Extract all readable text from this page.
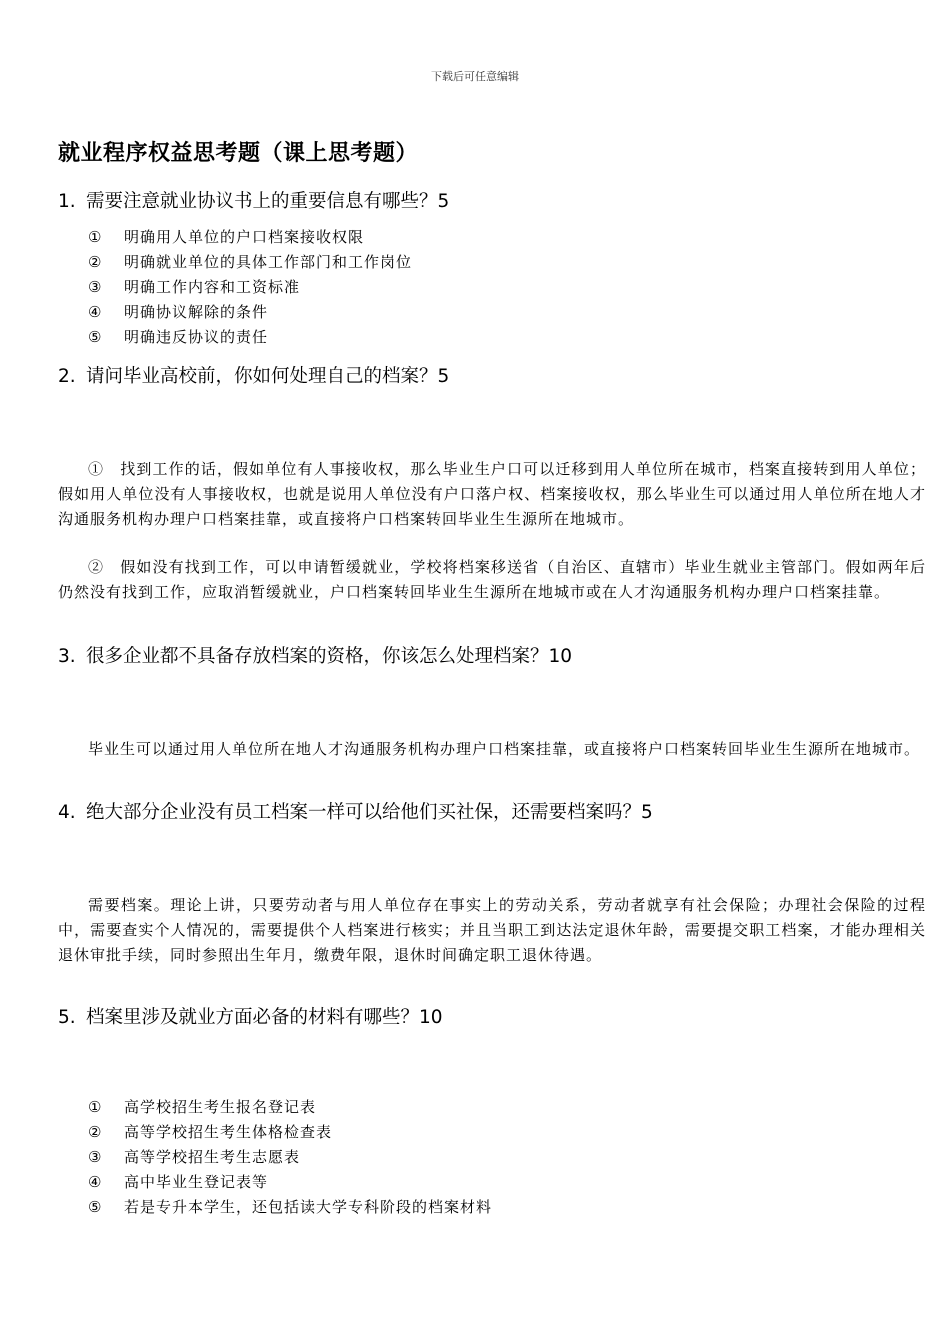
下载后可任意编辑
就业程序权益思考题（课上思考题）
1. 需要注意就业协议书上的重要信息有哪些？5
① 明确用人单位的户口档案接收权限
② 明确就业单位的具体工作部门和工作岗位
③ 明确工作内容和工资标准
④ 明确协议解除的条件
⑤ 明确违反协议的责任
2. 请问毕业高校前，你如何处理自己的档案？5

①　找到工作的话，假如单位有人事接收权，那么毕业生户口可以迁移到用人单位所在城市，档案直接转到用人单位；假如用人单位没有人事接收权，也就是说用人单位没有户口落户权、档案接收权，那么毕业生可以通过用人单位所在地人才沟通服务机构办理户口档案挂靠，或直接将户口档案转回毕业生生源所在地城市。

②　假如没有找到工作，可以申请暂缓就业，学校将档案移送省（自治区、直辖市）毕业生就业主管部门。假如两年后仍然没有找到工作，应取消暂缓就业，户口档案转回毕业生生源所在地城市或在人才沟通服务机构办理户口档案挂靠。

3. 很多企业都不具备存放档案的资格，你该怎么处理档案？10

毕业生可以通过用人单位所在地人才沟通服务机构办理户口档案挂靠，或直接将户口档案转回毕业生生源所在地城市。

4. 绝大部分企业没有员工档案一样可以给他们买社保，还需要档案吗？5

需要档案。理论上讲，只要劳动者与用人单位存在事实上的劳动关系，劳动者就享有社会保险；办理社会保险的过程中，需要查实个人情况的，需要提供个人档案进行核实；并且当职工到达法定退休年龄，需要提交职工档案，才能办理相关退休审批手续，同时参照出生年月，缴费年限，退休时间确定职工退休待遇。

5. 档案里涉及就业方面必备的材料有哪些？10
① 高学校招生考生报名登记表
② 高等学校招生考生体格检查表
③ 高等学校招生考生志愿表
④ 高中毕业生登记表等
⑤ 若是专升本学生，还包括读大学专科阶段的档案材料
